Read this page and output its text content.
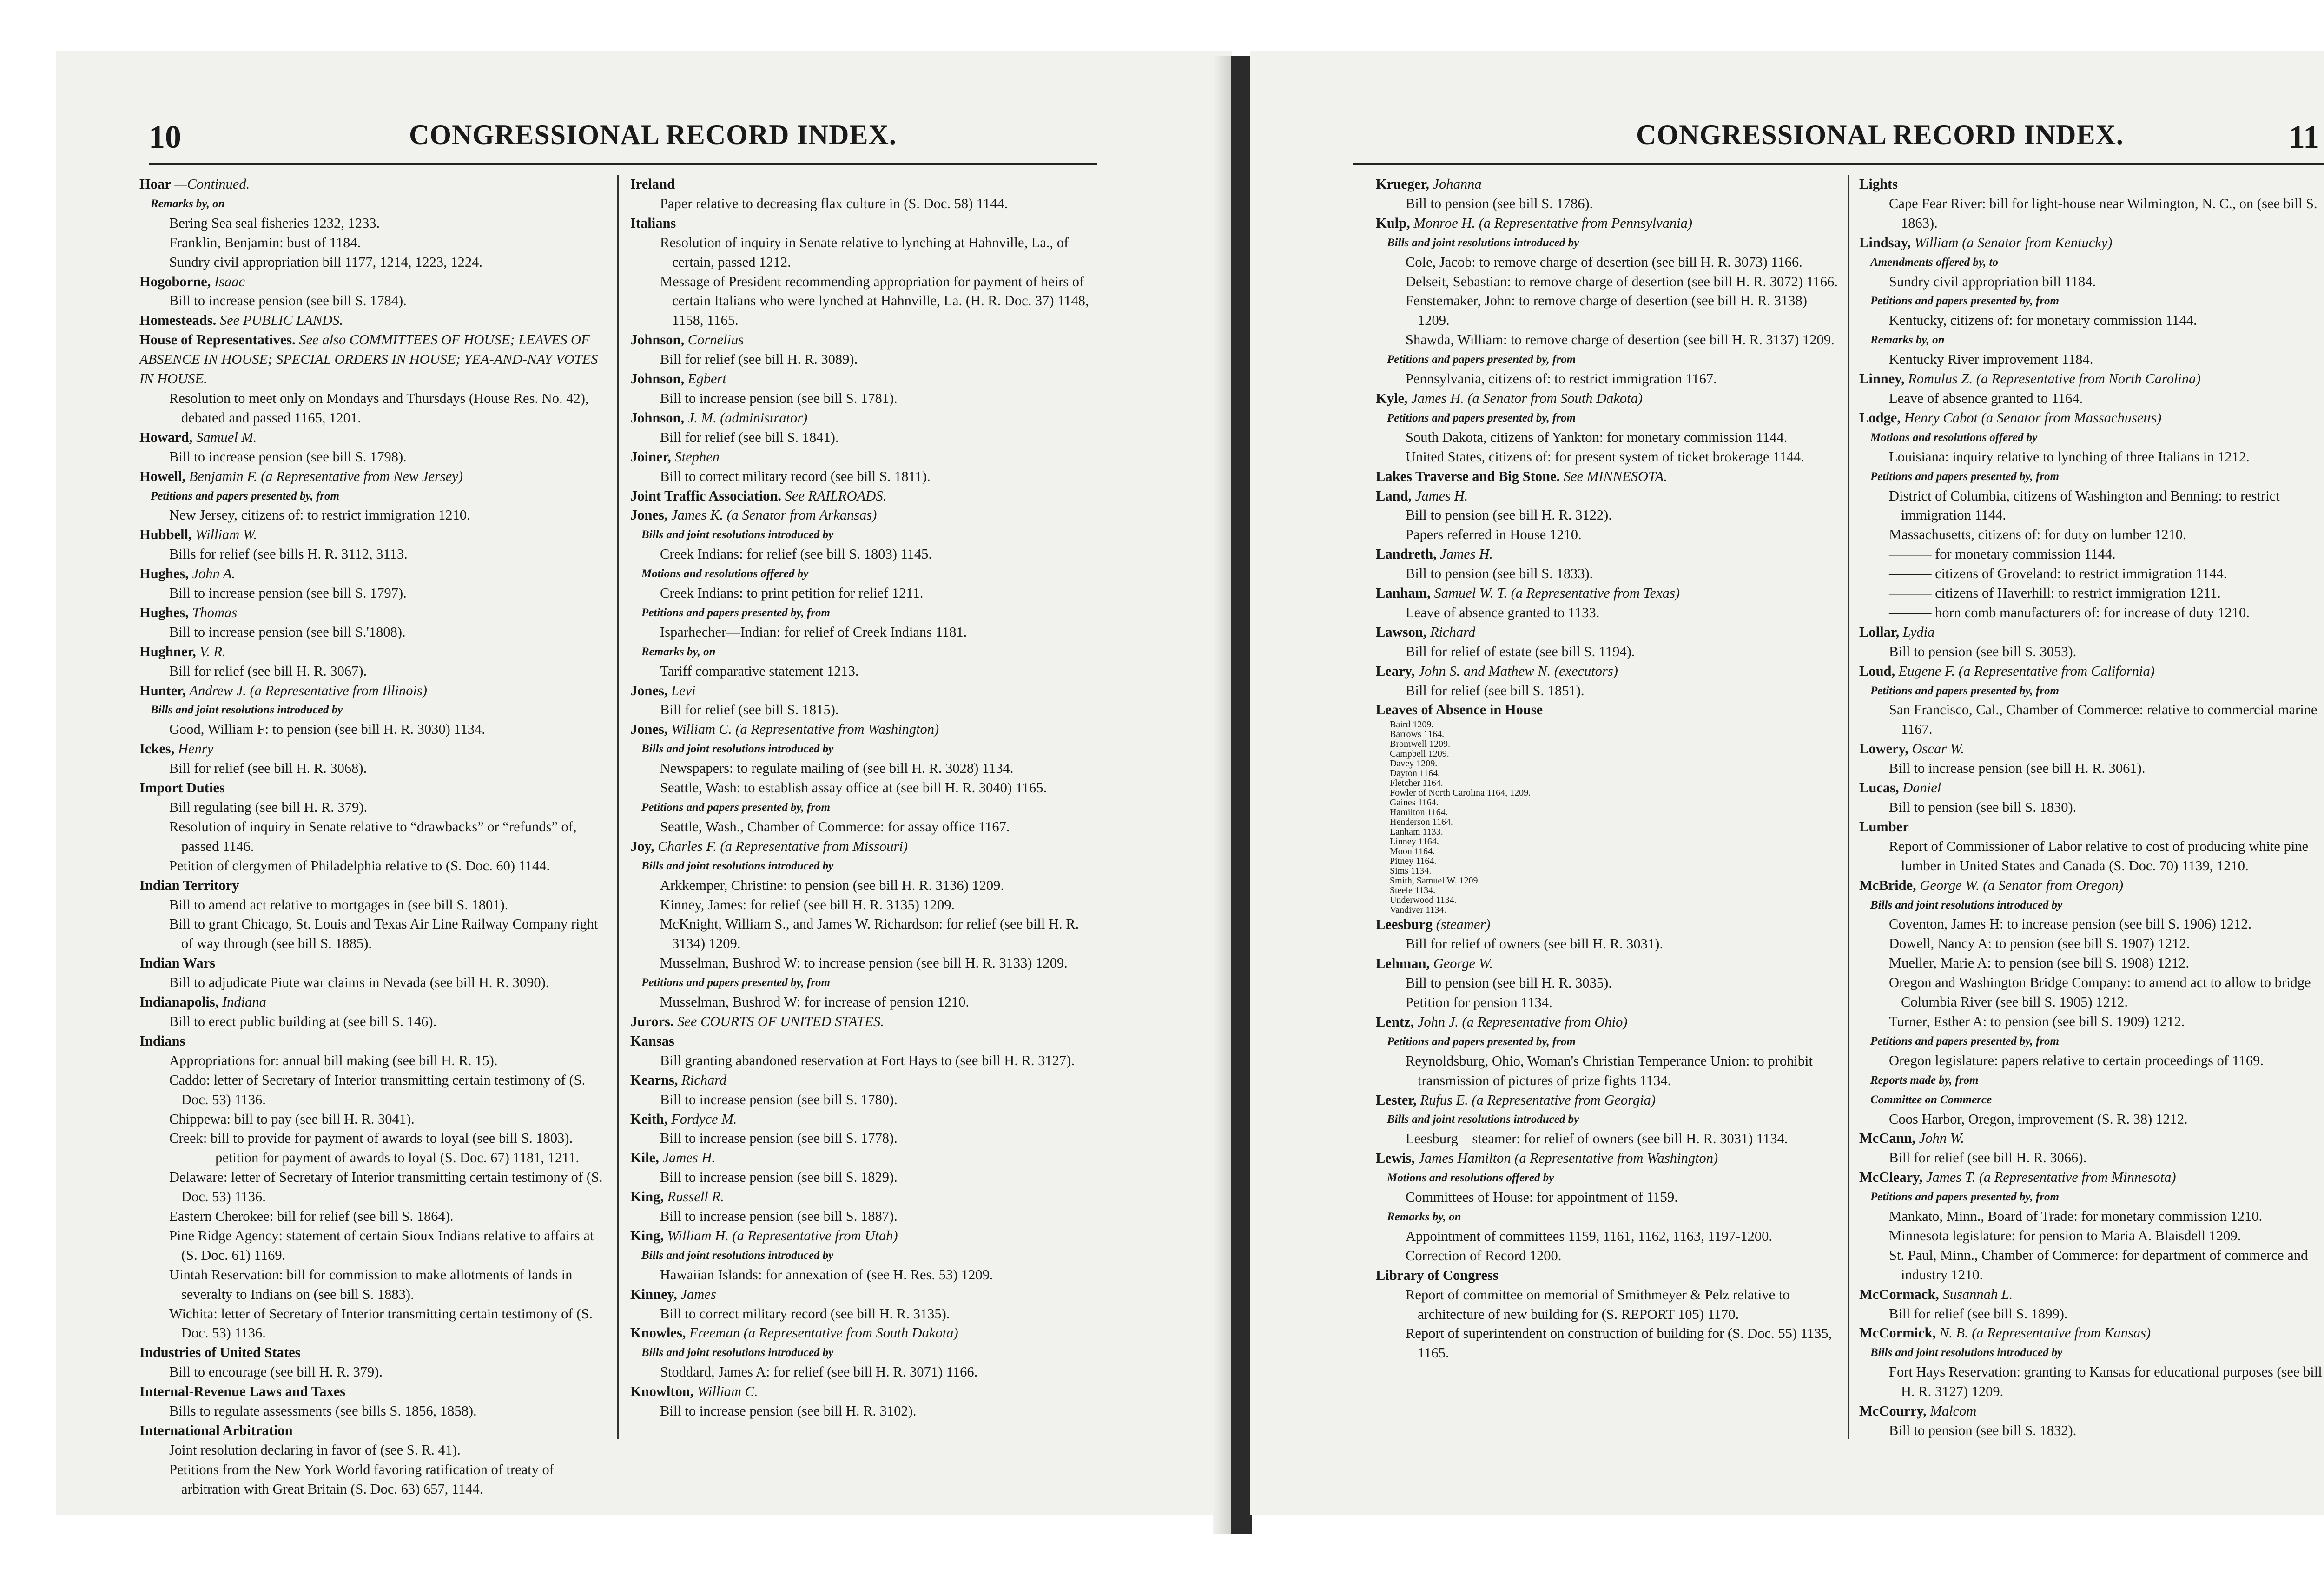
10	CONGRESSIONAL RECORD INDEX.	CONGRESSIONAL RECORD INDEX.	11
Hoar —Continued.
Remarks by, on
Bering Sea seal fisheries 1232, 1233.
Franklin, Benjamin: bust of 1184.
Sundry civil appropriation bill 1177, 1214, 1223, 1224.
Hogoborne, Isaac
Bill to increase pension (see bill S. 1784).
Homesteads. See PUBLIC LANDS.
House of Representatives. See also COMMITTEES OF HOUSE; LEAVES OF ABSENCE IN HOUSE; SPECIAL ORDERS IN HOUSE; YEA-AND-NAY VOTES IN HOUSE.
Resolution to meet only on Mondays and Thursdays (House Res. No. 42), debated and passed 1165, 1201.
Howard, Samuel M.
Bill to increase pension (see bill S. 1798).
Howell, Benjamin F. (a Representative from New Jersey)
Petitions and papers presented by, from
New Jersey, citizens of: to restrict immigration 1210.
Hubbell, William W.
Bills for relief (see bills H. R. 3112, 3113.
Hughes, John A.
Bill to increase pension (see bill S. 1797).
Hughes, Thomas
Bill to increase pension (see bill S.'1808).
Hughner, V. R.
Bill for relief (see bill H. R. 3067).
Hunter, Andrew J. (a Representative from Illinois)
Bills and joint resolutions introduced by
Good, William F: to pension (see bill H. R. 3030) 1134.
Ickes, Henry
Bill for relief (see bill H. R. 3068).
Import Duties
Bill regulating (see bill H. R. 379).
Resolution of inquiry in Senate relative to “drawbacks” or “refunds” of, passed 1146.
Petition of clergymen of Philadelphia relative to (S. Doc. 60) 1144.
Indian Territory
Bill to amend act relative to mortgages in (see bill S. 1801).
Bill to grant Chicago, St. Louis and Texas Air Line Railway Company right of way through (see bill S. 1885).
Indian Wars
Bill to adjudicate Piute war claims in Nevada (see bill H. R. 3090).
Indianapolis, Indiana
Bill to erect public building at (see bill S. 146).
Indians
Appropriations for: annual bill making (see bill H. R. 15).
Caddo: letter of Secretary of Interior transmitting certain testimony of (S. Doc. 53) 1136.
Chippewa: bill to pay (see bill H. R. 3041).
Creek: bill to provide for payment of awards to loyal (see bill S. 1803).
——— petition for payment of awards to loyal (S. Doc. 67) 1181, 1211.
Delaware: letter of Secretary of Interior transmitting certain testimony of (S. Doc. 53) 1136.
Eastern Cherokee: bill for relief (see bill S. 1864).
Pine Ridge Agency: statement of certain Sioux Indians relative to affairs at (S. Doc. 61) 1169.
Uintah Reservation: bill for commission to make allotments of lands in severalty to Indians on (see bill S. 1883).
Wichita: letter of Secretary of Interior transmitting certain testimony of (S. Doc. 53) 1136.
Industries of United States
Bill to encourage (see bill H. R. 379).
Internal-Revenue Laws and Taxes
Bills to regulate assessments (see bills S. 1856, 1858).
International Arbitration
Joint resolution declaring in favor of (see S. R. 41).
Petitions from the New York World favoring ratification of treaty of arbitration with Great Britain (S. Doc. 63) 657, 1144.
Ireland
Paper relative to decreasing flax culture in (S. Doc. 58) 1144.
Italians
Resolution of inquiry in Senate relative to lynching at Hahnville, La., of certain, passed 1212.
Message of President recommending appropriation for payment of heirs of certain Italians who were lynched at Hahnville, La. (H. R. Doc. 37) 1148, 1158, 1165.
Johnson, Cornelius
Bill for relief (see bill H. R. 3089).
Johnson, Egbert
Bill to increase pension (see bill S. 1781).
Johnson, J. M. (administrator)
Bill for relief (see bill S. 1841).
Joiner, Stephen
Bill to correct military record (see bill S. 1811).
Joint Traffic Association. See RAILROADS.
Jones, James K. (a Senator from Arkansas)
Bills and joint resolutions introduced by
Creek Indians: for relief (see bill S. 1803) 1145.
Motions and resolutions offered by
Creek Indians: to print petition for relief 1211.
Petitions and papers presented by, from
Isparhecher—Indian: for relief of Creek Indians 1181.
Remarks by, on
Tariff comparative statement 1213.
Jones, Levi
Bill for relief (see bill S. 1815).
Jones, William C. (a Representative from Washington)
Bills and joint resolutions introduced by
Newspapers: to regulate mailing of (see bill H. R. 3028) 1134.
Seattle, Wash: to establish assay office at (see bill H. R. 3040) 1165.
Petitions and papers presented by, from
Seattle, Wash., Chamber of Commerce: for assay office 1167.
Joy, Charles F. (a Representative from Missouri)
Bills and joint resolutions introduced by
Arkkemper, Christine: to pension (see bill H. R. 3136) 1209.
Kinney, James: for relief (see bill H. R. 3135) 1209.
McKnight, William S., and James W. Richardson: for relief (see bill H. R. 3134) 1209.
Musselman, Bushrod W: to increase pension (see bill H. R. 3133) 1209.
Petitions and papers presented by, from
Musselman, Bushrod W: for increase of pension 1210.
Jurors. See COURTS OF UNITED STATES.
Kansas
Bill granting abandoned reservation at Fort Hays to (see bill H. R. 3127).
Kearns, Richard
Bill to increase pension (see bill S. 1780).
Keith, Fordyce M.
Bill to increase pension (see bill S. 1778).
Kile, James H.
Bill to increase pension (see bill S. 1829).
King, Russell R.
Bill to increase pension (see bill S. 1887).
King, William H. (a Representative from Utah)
Bills and joint resolutions introduced by
Hawaiian Islands: for annexation of (see H. Res. 53) 1209.
Kinney, James
Bill to correct military record (see bill H. R. 3135).
Knowles, Freeman (a Representative from South Dakota)
Bills and joint resolutions introduced by
Stoddard, James A: for relief (see bill H. R. 3071) 1166.
Knowlton, William C.
Bill to increase pension (see bill H. R. 3102).
Krueger, Johanna
Bill to pension (see bill S. 1786).
Kulp, Monroe H. (a Representative from Pennsylvania)
Bills and joint resolutions introduced by
Cole, Jacob: to remove charge of desertion (see bill H. R. 3073) 1166.
Delseit, Sebastian: to remove charge of desertion (see bill H. R. 3072) 1166.
Fenstemaker, John: to remove charge of desertion (see bill H. R. 3138) 1209.
Shawda, William: to remove charge of desertion (see bill H. R. 3137) 1209.
Petitions and papers presented by, from
Pennsylvania, citizens of: to restrict immigration 1167.
Kyle, James H. (a Senator from South Dakota)
Petitions and papers presented by, from
South Dakota, citizens of Yankton: for monetary commission 1144.
United States, citizens of: for present system of ticket brokerage 1144.
Lakes Traverse and Big Stone. See MINNESOTA.
Land, James H.
Bill to pension (see bill H. R. 3122).
Papers referred in House 1210.
Landreth, James H.
Bill to pension (see bill S. 1833).
Lanham, Samuel W. T. (a Representative from Texas)
Leave of absence granted to 1133.
Lawson, Richard
Bill for relief of estate (see bill S. 1194).
Leary, John S. and Mathew N. (executors)
Bill for relief (see bill S. 1851).
Leaves of Absence in House
Baird 1209.
Barrows 1164.
Bromwell 1209.
Campbell 1209.
Davey 1209.
Dayton 1164.
Fletcher 1164.
Fowler of North Carolina 1164, 1209.
Gaines 1164.
Hamilton 1164.
Henderson 1164.
Lanham 1133.
Linney 1164.
Moon 1164.
Pitney 1164.
Sims 1134.
Smith, Samuel W. 1209.
Steele 1134.
Underwood 1134.
Vandiver 1134.
Leesburg (steamer)
Bill for relief of owners (see bill H. R. 3031).
Lehman, George W.
Bill to pension (see bill H. R. 3035).
Petition for pension 1134.
Lentz, John J. (a Representative from Ohio)
Petitions and papers presented by, from
Reynoldsburg, Ohio, Woman's Christian Temperance Union: to prohibit transmission of pictures of prize fights 1134.
Lester, Rufus E. (a Representative from Georgia)
Bills and joint resolutions introduced by
Leesburg—steamer: for relief of owners (see bill H. R. 3031) 1134.
Lewis, James Hamilton (a Representative from Washington)
Motions and resolutions offered by
Committees of House: for appointment of 1159.
Remarks by, on
Appointment of committees 1159, 1161, 1162, 1163, 1197-1200.
Correction of Record 1200.
Library of Congress
Report of committee on memorial of Smithmeyer & Pelz relative to architecture of new building for (S. REPORT 105) 1170.
Report of superintendent on construction of building for (S. Doc. 55) 1135, 1165.
Lights
Cape Fear River: bill for light-house near Wilmington, N. C., on (see bill S. 1863).
Lindsay, William (a Senator from Kentucky)
Amendments offered by, to
Sundry civil appropriation bill 1184.
Petitions and papers presented by, from
Kentucky, citizens of: for monetary commission 1144.
Remarks by, on
Kentucky River improvement 1184.
Linney, Romulus Z. (a Representative from North Carolina)
Leave of absence granted to 1164.
Lodge, Henry Cabot (a Senator from Massachusetts)
Motions and resolutions offered by
Louisiana: inquiry relative to lynching of three Italians in 1212.
Petitions and papers presented by, from
District of Columbia, citizens of Washington and Benning: to restrict immigration 1144.
Massachusetts, citizens of: for duty on lumber 1210.
——— for monetary commission 1144.
——— citizens of Groveland: to restrict immigration 1144.
——— citizens of Haverhill: to restrict immigration 1211.
——— horn comb manufacturers of: for increase of duty 1210.
Lollar, Lydia
Bill to pension (see bill S. 3053).
Loud, Eugene F. (a Representative from California)
Petitions and papers presented by, from
San Francisco, Cal., Chamber of Commerce: relative to commercial marine 1167.
Lowery, Oscar W.
Bill to increase pension (see bill H. R. 3061).
Lucas, Daniel
Bill to pension (see bill S. 1830).
Lumber
Report of Commissioner of Labor relative to cost of producing white pine lumber in United States and Canada (S. Doc. 70) 1139, 1210.
McBride, George W. (a Senator from Oregon)
Bills and joint resolutions introduced by
Coventon, James H: to increase pension (see bill S. 1906) 1212.
Dowell, Nancy A: to pension (see bill S. 1907) 1212.
Mueller, Marie A: to pension (see bill S. 1908) 1212.
Oregon and Washington Bridge Company: to amend act to allow to bridge Columbia River (see bill S. 1905) 1212.
Turner, Esther A: to pension (see bill S. 1909) 1212.
Petitions and papers presented by, from
Oregon legislature: papers relative to certain proceedings of 1169.
Reports made by, from
Committee on Commerce
Coos Harbor, Oregon, improvement (S. R. 38) 1212.
McCann, John W.
Bill for relief (see bill H. R. 3066).
McCleary, James T. (a Representative from Minnesota)
Petitions and papers presented by, from
Mankato, Minn., Board of Trade: for monetary commission 1210.
Minnesota legislature: for pension to Maria A. Blaisdell 1209.
St. Paul, Minn., Chamber of Commerce: for department of commerce and industry 1210.
McCormack, Susannah L.
Bill for relief (see bill S. 1899).
McCormick, N. B. (a Representative from Kansas)
Bills and joint resolutions introduced by
Fort Hays Reservation: granting to Kansas for educational purposes (see bill H. R. 3127) 1209.
McCourry, Malcom
Bill to pension (see bill S. 1832).
